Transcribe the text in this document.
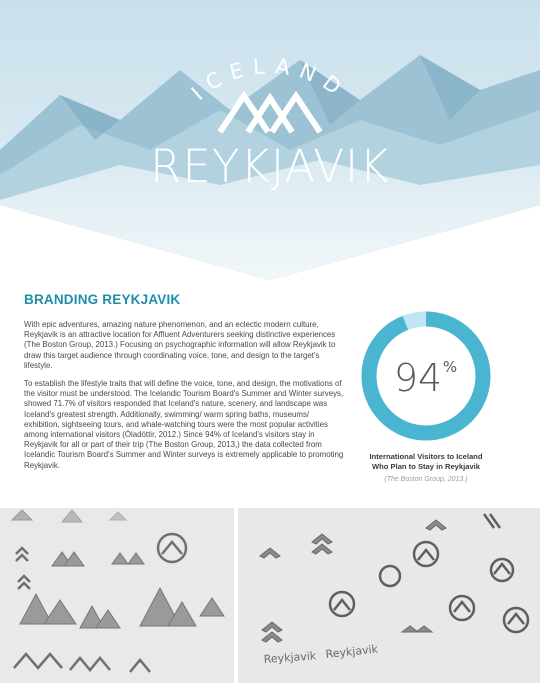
ICELAND
REYKJAVIK
BRANDING REYKJAVIK

With epic adventures, amazing nature phenomenon, and an eclectic modern culture, Reykjavik is an attractive location for Affluent Adventurers seeking distinctive experiences (The Boston Group, 2013.) Focusing on psychographic information will allow Reykjavik to draw this target audience through coordinating voice, tone, and design to the target's lifestyle.

To establish the lifestyle traits that will define the voice, tone, and design, the motivations of the visitor must be understood. The Icelandic Tourism Board's Summer and Winter surveys, showed 71.7% of visitors responded that Iceland's nature, scenery, and landscape was Iceland's greatest strength. Additionally, swimming/ warm spring baths, museums/ exhibition, sightseeing tours, and whale-watching tours were the most popular activities among international visitors (Óladóttir, 2012.) Since 94% of Iceland's visitors stay in Reykjavik for all or part of their trip (The Boston Group, 2013,) the data collected from Icelandic Tourism Board's Summer and Winter surveys is extremely applicable to promoting Reykjavik.

94 %
International Visitors to Iceland
Who Plan to Stay in Reykjavik
(The Boston Group, 2013.)
Reykjavik Reykjavik
